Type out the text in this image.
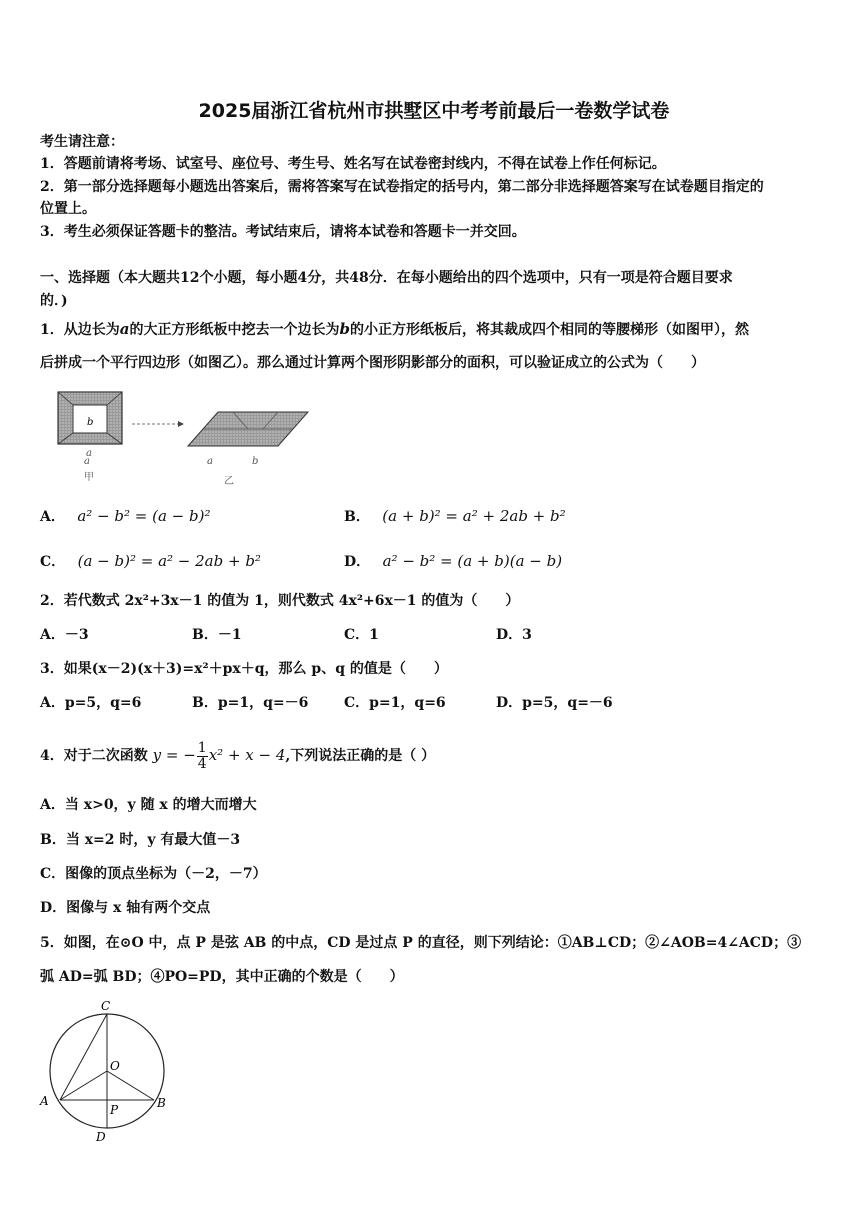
2025届浙江省杭州市拱墅区中考考前最后一卷数学试卷
考生请注意：
1．答题前请将考场、试室号、座位号、考生号、姓名写在试卷密封线内，不得在试卷上作任何标记。
2．第一部分选择题每小题选出答案后，需将答案写在试卷指定的括号内，第二部分非选择题答案写在试卷题目指定的
位置上。
3．考生必须保证答题卡的整洁。考试结束后，请将本试卷和答题卡一并交回。
一、选择题（本大题共12个小题，每小题4分，共48分．在每小题给出的四个选项中，只有一项是符合题目要求
的．)
1．从边长为a的大正方形纸板中挖去一个边长为b的小正方形纸板后，将其裁成四个相同的等腰梯形（如图甲），然
后拼成一个平行四边形（如图乙）。那么通过计算两个图形阴影部分的面积，可以验证成立的公式为（　　）
b
a
a
甲
a	b
乙
A． a² − b² = (a − b)²	B． (a + b)² = a² + 2ab + b²
C． (a − b)² = a² − 2ab + b²	D． a² − b² = (a + b)(a − b)
2．若代数式 2x²+3x－1 的值为 1，则代数式 4x²+6x－1 的值为（　　）
A．－3	B．－1	C．1	D．3
3．如果(x－2)(x＋3)=x²＋px＋q，那么 p、q 的值是（　　）
A．p=5，q=6	B．p=1，q=－6	C．p=1，q=6	D．p=5，q=－6
4．对于二次函数 y = − $\frac{1}{4} x^2 + x - 4$,下列说法正确的是（ ）
A．当 x>0，y 随 x 的增大而增大
B．当 x=2 时，y 有最大值－3
C．图像的顶点坐标为（－2，－7）
D．图像与 x 轴有两个交点
5．如图，在⊙O 中，点 P 是弦 AB 的中点，CD 是过点 P 的直径，则下列结论：①AB⊥CD；②∠AOB=4∠ACD；③
弧 AD=弧 BD；④PO=PD，其中正确的个数是（　　）
C
O
A	B
P
D
